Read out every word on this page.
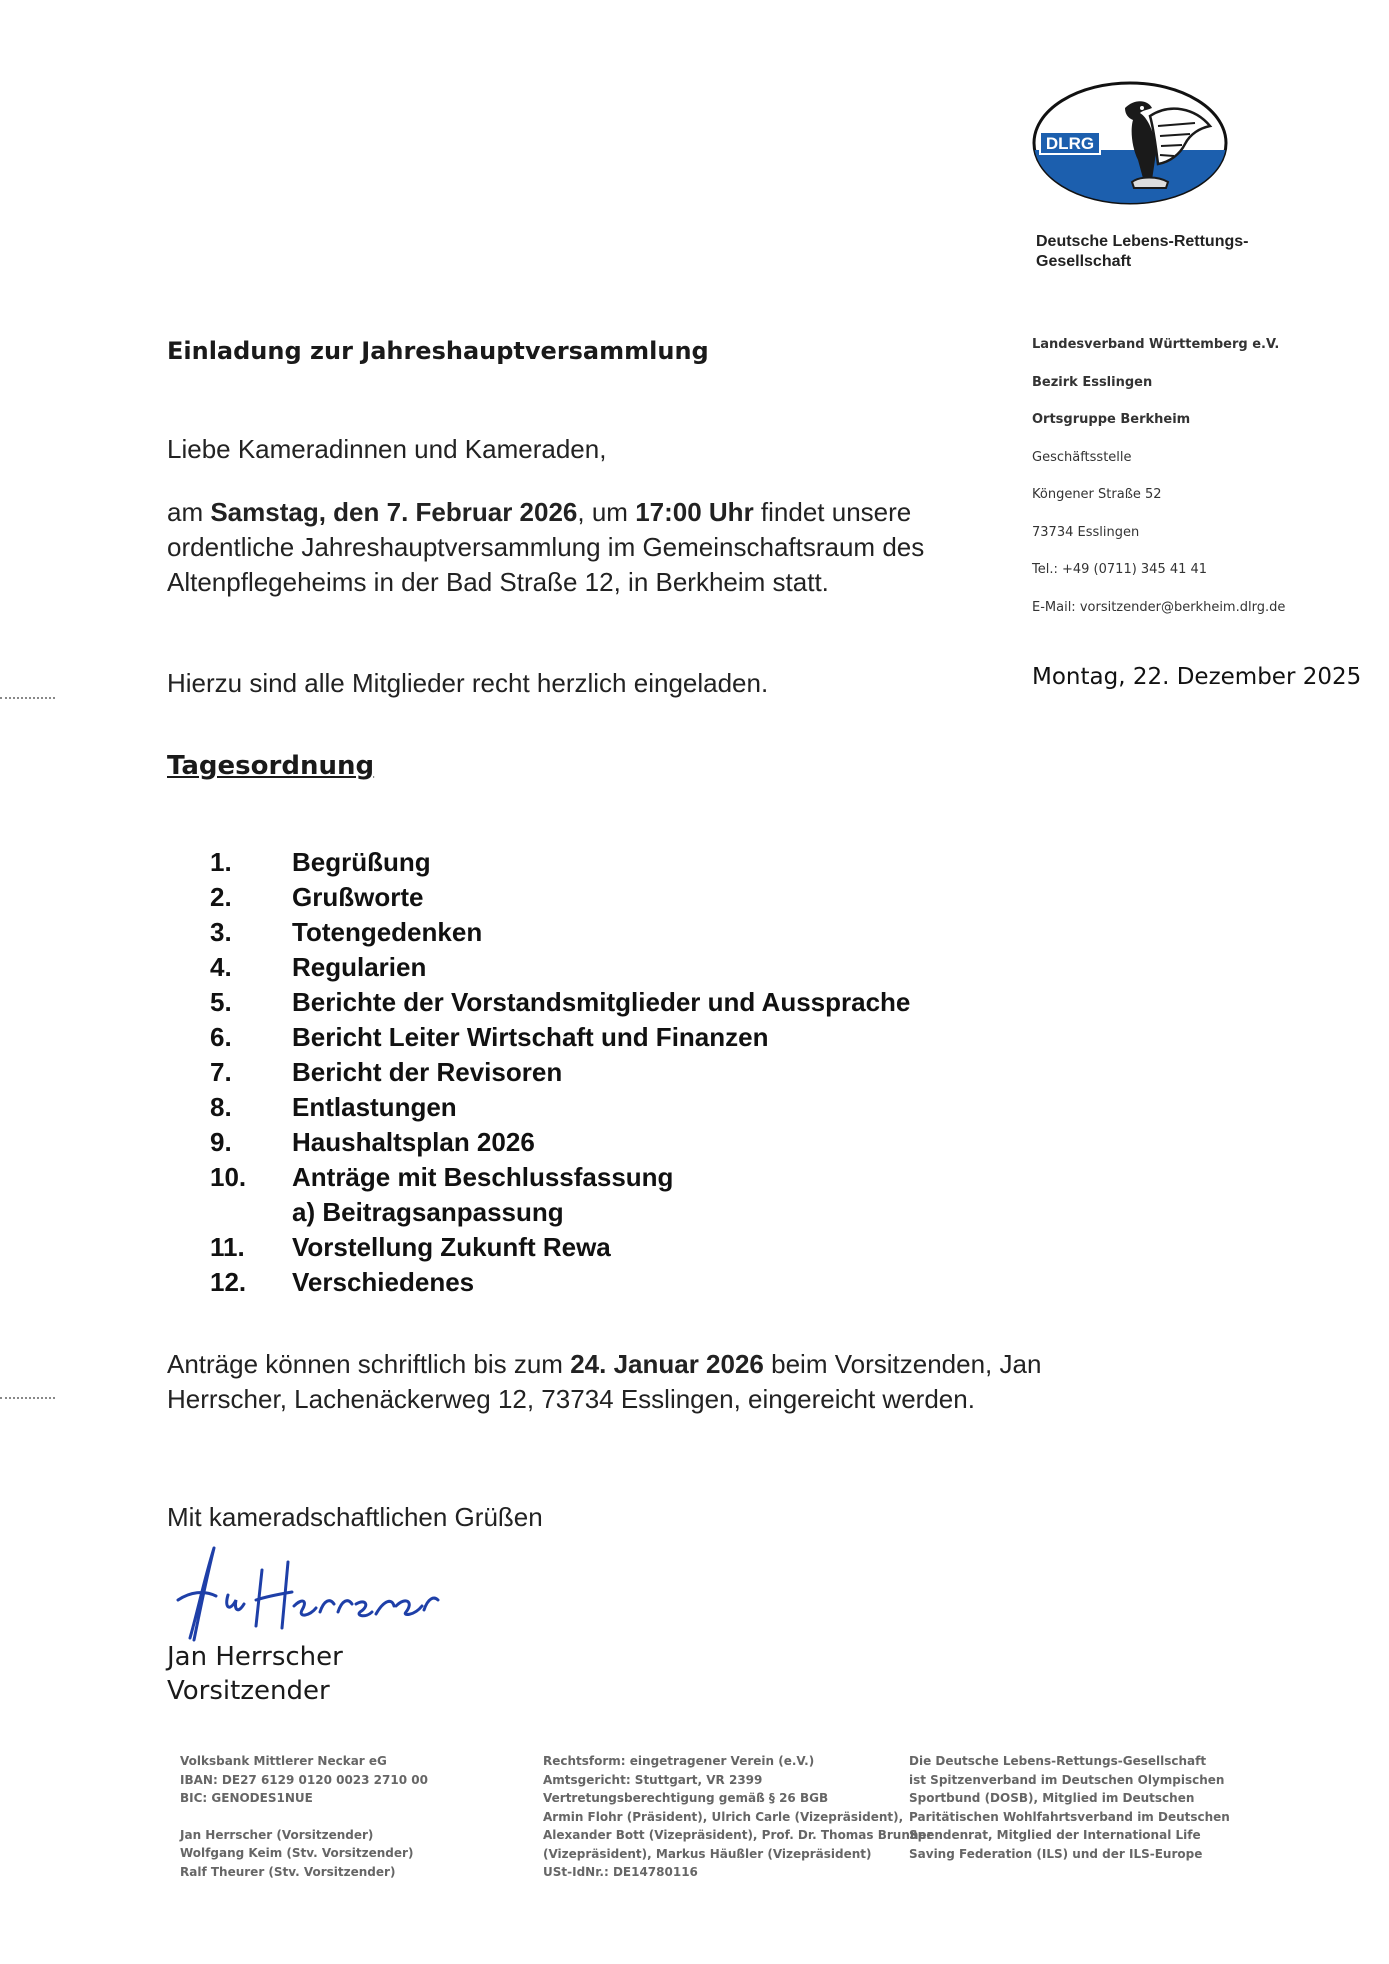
DLRG
Deutsche Lebens-Rettungs-
Gesellschaft
Landesverband Württemberg e.V.
Bezirk Esslingen
Ortsgruppe Berkheim
Geschäftsstelle
Köngener Straße 52
73734 Esslingen
Tel.: +49 (0711) 345 41 41
E-Mail: vorsitzender@berkheim.dlrg.de
Montag, 22. Dezember 2025
Einladung zur Jahreshauptversammlung
Liebe Kameradinnen und Kameraden,
am Samstag, den 7. Februar 2026, um 17:00 Uhr findet unsere ordentliche Jahreshauptversammlung im Gemeinschaftsraum des Altenpflegeheims in der Bad Straße 12, in Berkheim statt.
Hierzu sind alle Mitglieder recht herzlich eingeladen.
Tagesordnung
1.	Begrüßung
2.	Grußworte
3.	Totengedenken
4.	Regularien
5.	Berichte der Vorstandsmitglieder und Aussprache
6.	Bericht Leiter Wirtschaft und Finanzen
7.	Bericht der Revisoren
8.	Entlastungen
9.	Haushaltsplan 2026
10.	Anträge mit Beschlussfassung
a) Beitragsanpassung
11.	Vorstellung Zukunft Rewa
12.	Verschiedenes
Anträge können schriftlich bis zum 24. Januar 2026 beim Vorsitzenden, Jan Herrscher, Lachenäckerweg 12, 73734 Esslingen, eingereicht werden.
Mit kameradschaftlichen Grüßen
Jan Herrscher
Vorsitzender
Volksbank Mittlerer Neckar eG
IBAN: DE27 6129 0120 0023 2710 00
BIC: GENODES1NUE
Jan Herrscher (Vorsitzender)
Wolfgang Keim (Stv. Vorsitzender)
Ralf Theurer (Stv. Vorsitzender)
Rechtsform: eingetragener Verein (e.V.)
Amtsgericht: Stuttgart, VR 2399
Vertretungsberechtigung gemäß § 26 BGB
Armin Flohr (Präsident), Ulrich Carle (Vizepräsident),
Alexander Bott (Vizepräsident), Prof. Dr. Thomas Brunner
(Vizepräsident), Markus Häußler (Vizepräsident)
USt-IdNr.: DE14780116
Die Deutsche Lebens-Rettungs-Gesellschaft
ist Spitzenverband im Deutschen Olympischen
Sportbund (DOSB), Mitglied im Deutschen
Paritätischen Wohlfahrtsverband im Deutschen
Spendenrat, Mitglied der International Life
Saving Federation (ILS) und der ILS-Europe
